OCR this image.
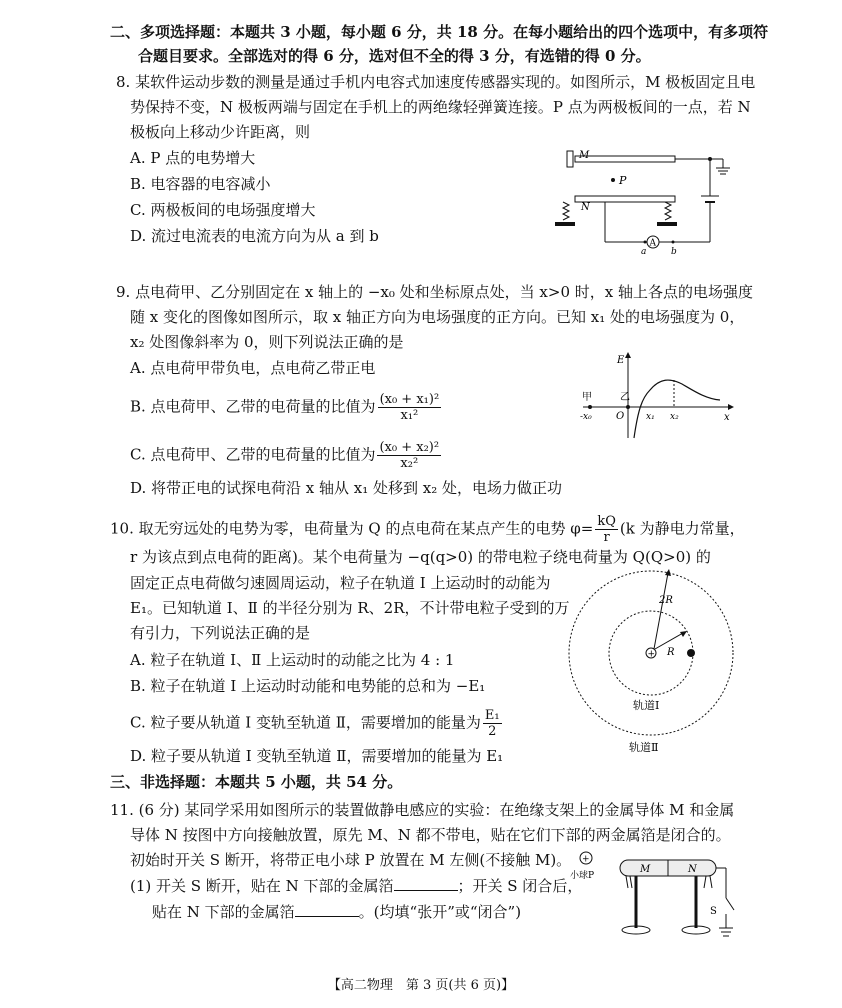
二、多项选择题：本题共 3 小题，每小题 6 分，共 18 分。在每小题给出的四个选项中，有多项符
合题目要求。全部选对的得 6 分，选对但不全的得 3 分，有选错的得 0 分。
8. 某软件运动步数的测量是通过手机内电容式加速度传感器实现的。如图所示，M 极板固定且电
势保持不变，N 极板两端与固定在手机上的两绝缘轻弹簧连接。P 点为两极板间的一点，若 N
极板向上移动少许距离，则
A. P 点的电势增大
B. 电容器的电容减小
C. 两极板间的电场强度增大
D. 流过电流表的电流方向为从 a 到 b
M
P
N
A
a	b
9. 点电荷甲、乙分别固定在 x 轴上的 −x₀ 处和坐标原点处，当 x>0 时，x 轴上各点的电场强度
随 x 变化的图像如图所示，取 x 轴正方向为电场强度的正方向。已知 x₁ 处的电场强度为 0，
x₂ 处图像斜率为 0，则下列说法正确的是
A. 点电荷甲带负电，点电荷乙带正电
B. 点电荷甲、乙带的电荷量的比值为 $\frac{\text{(x₀ + x₁)²}}{\text{x₁²}}$
C. 点电荷甲、乙带的电荷量的比值为 $\frac{\text{(x₀ + x₂)²}}{\text{x₂²}}$
D. 将带正电的试探电荷沿 x 轴从 x₁ 处移到 x₂ 处，电场力做正功
E
x
甲
-x₀
乙
O x₁ x₂
10. 取无穷远处的电势为零，电荷量为 Q 的点电荷在某点产生的电势 $\varphi= \frac{kQ}{r} (k$ 为静电力常量，
r 为该点到点电荷的距离)。某个电荷量为 −q(q>0) 的带电粒子绕电荷量为 Q(Q>0) 的
固定正点电荷做匀速圆周运动，粒子在轨道 Ⅰ 上运动时的动能为
E₁。已知轨道 Ⅰ、Ⅱ 的半径分别为 R、2R，不计带电粒子受到的万
有引力，下列说法正确的是
A. 粒子在轨道 Ⅰ、Ⅱ 上运动时的动能之比为 4 : 1
B. 粒子在轨道 Ⅰ 上运动时动能和电势能的总和为 −E₁
C. 粒子要从轨道 Ⅰ 变轨至轨道 Ⅱ，需要增加的能量为 $\frac{\text{E₁}}{2}$
D. 粒子要从轨道 Ⅰ 变轨至轨道 Ⅱ，需要增加的能量为 E₁
+
2R
R
轨道Ⅰ
轨道Ⅱ
三、非选择题：本题共 5 小题，共 54 分。
11. (6 分) 某同学采用如图所示的装置做静电感应的实验：在绝缘支架上的金属导体 M 和金属
导体 N 按图中方向接触放置，原先 M、N 都不带电，贴在它们下部的两金属箔是闭合的。
初始时开关 S 断开，将带正电小球 P 放置在 M 左侧(不接触 M)。
(1) 开关 S 断开，贴在 N 下部的金属箔	；开关 S 闭合后，
贴在 N 下部的金属箔	。(均填“张开”或“闭合”)
+
小球P
M	N
S
【高二物理　第 3 页(共 6 页)】
